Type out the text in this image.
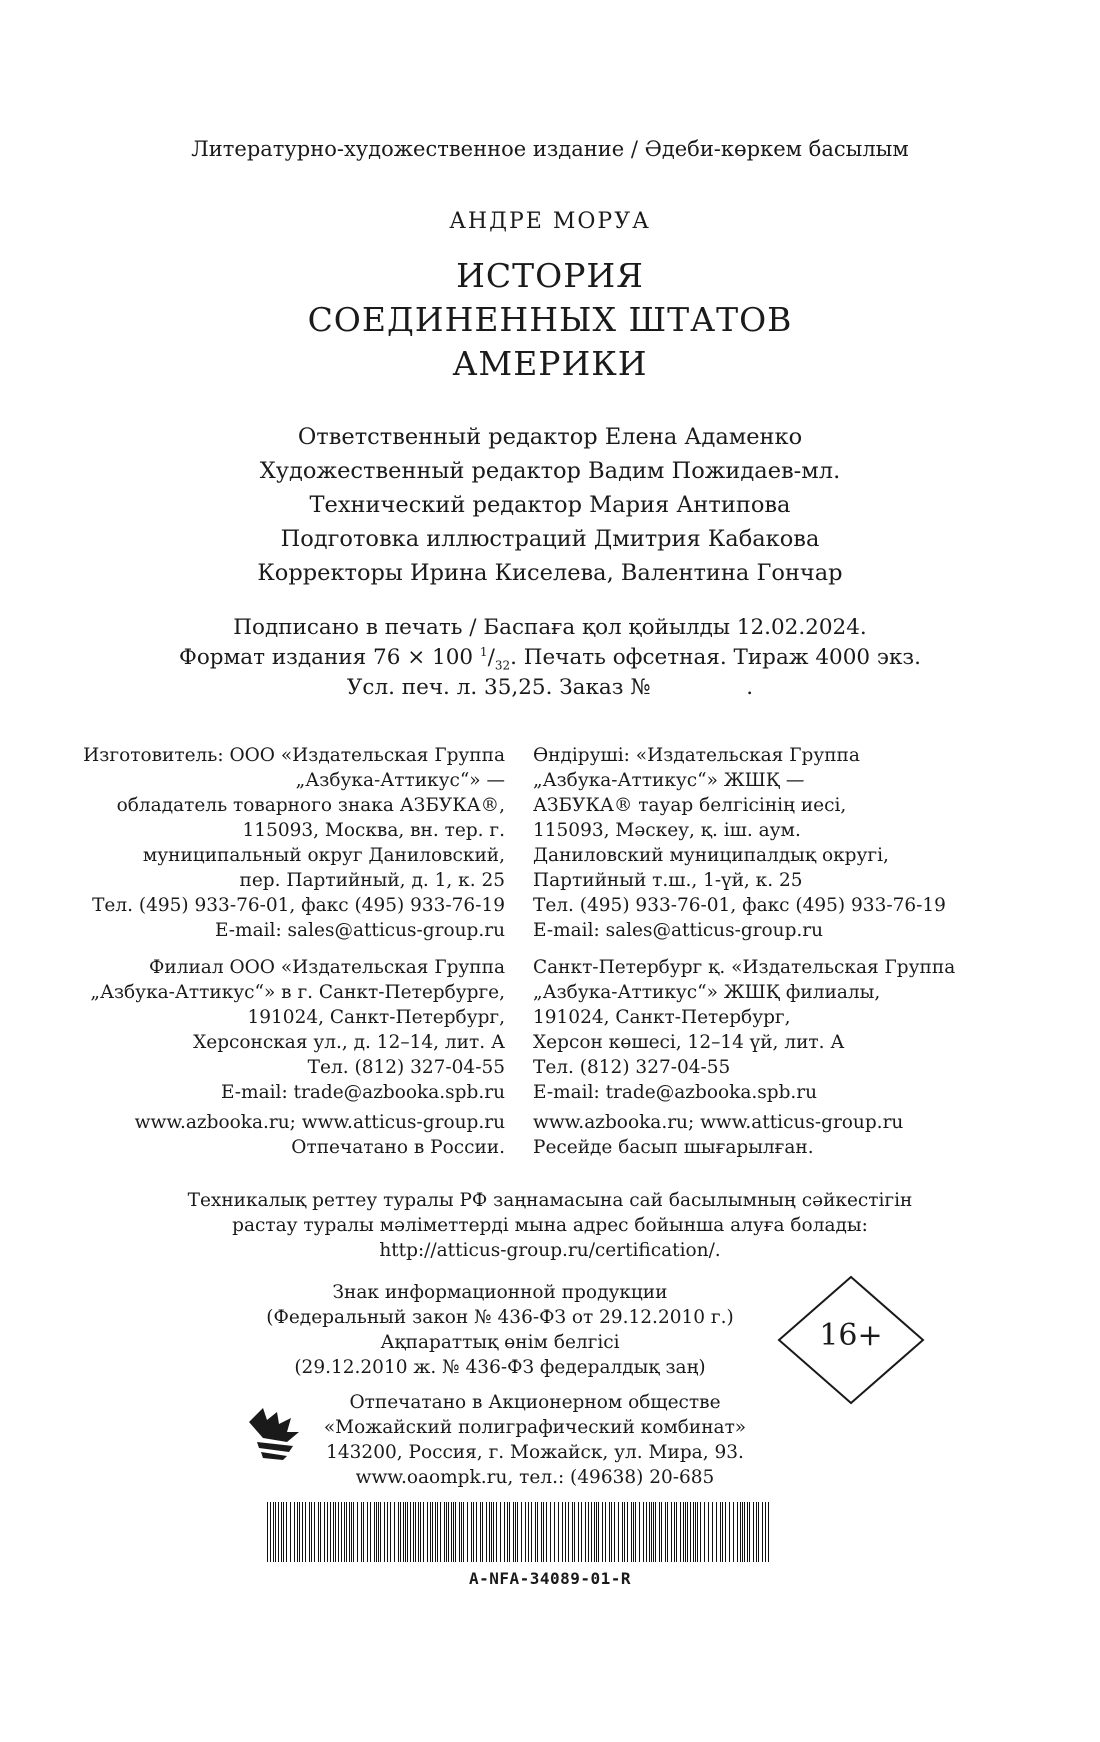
Литературно-художественное издание / Әдеби-көркем басылым
АНДРЕ МОРУА
ИСТОРИЯ
СОЕДИНЕННЫХ ШТАТОВ
АМЕРИКИ
Ответственный редактор Елена Адаменко
Художественный редактор Вадим Пожидаев-мл.
Технический редактор Мария Антипова
Подготовка иллюстраций Дмитрия Кабакова
Корректоры Ирина Киселева, Валентина Гончар
Подписано в печать / Баспаға қол қойылды 12.02.2024.
Формат издания 76 × 100 $^1/_{32}$. Печать офсетная. Тираж 4000 экз.
Усл. печ. л. 35,25. Заказ №              .
Изготовитель: ООО «Издательская Группа
„Азбука-Аттикус“» —
обладатель товарного знака АЗБУКА®,
115093, Москва, вн. тер. г.
муниципальный округ Даниловский,
пер. Партийный, д. 1, к. 25
Тел. (495) 933-76-01, факс (495) 933-76-19
E-mail: sales@atticus-group.ru
Өндіруші: «Издательская Группа
„Азбука-Аттикус“» ЖШҚ —
АЗБУКА® тауар белгісінің иесі,
115093, Мәскеу, қ. іш. аум.
Даниловский муниципалдық округі,
Партийный т.ш., 1-үй, к. 25
Тел. (495) 933-76-01, факс (495) 933-76-19
E-mail: sales@atticus-group.ru
Филиал ООО «Издательская Группа
„Азбука-Аттикус“» в г. Санкт-Петербурге,
191024, Санкт-Петербург,
Херсонская ул., д. 12–14, лит. А
Тел. (812) 327-04-55
E-mail: trade@azbooka.spb.ru
Санкт-Петербург қ. «Издательская Группа
„Азбука-Аттикус“» ЖШҚ филиалы,
191024, Санкт-Петербург,
Херсон көшесі, 12–14 үй, лит. А
Тел. (812) 327-04-55
E-mail: trade@azbooka.spb.ru
www.azbooka.ru; www.atticus-group.ru www.azbooka.ru; www.atticus-group.ru
Отпечатано в России. Ресейде басып шығарылған.
Техникалық реттеу туралы РФ заңнамасына сай басылымның сәйкестігін
растау туралы мәліметтерді мына адрес бойынша алуға болады:
http://atticus-group.ru/certification/.
Знак информационной продукции
(Федеральный закон № 436-ФЗ от 29.12.2010 г.)
Ақпараттық өнім белгісі
(29.12.2010 ж. № 436-ФЗ федералдық заң)
16+
Отпечатано в Акционерном обществе
«Можайский полиграфический комбинат»
143200, Россия, г. Можайск, ул. Мира, 93.
www.oaompk.ru, тел.: (49638) 20-685
A-NFA-34089-01-R
